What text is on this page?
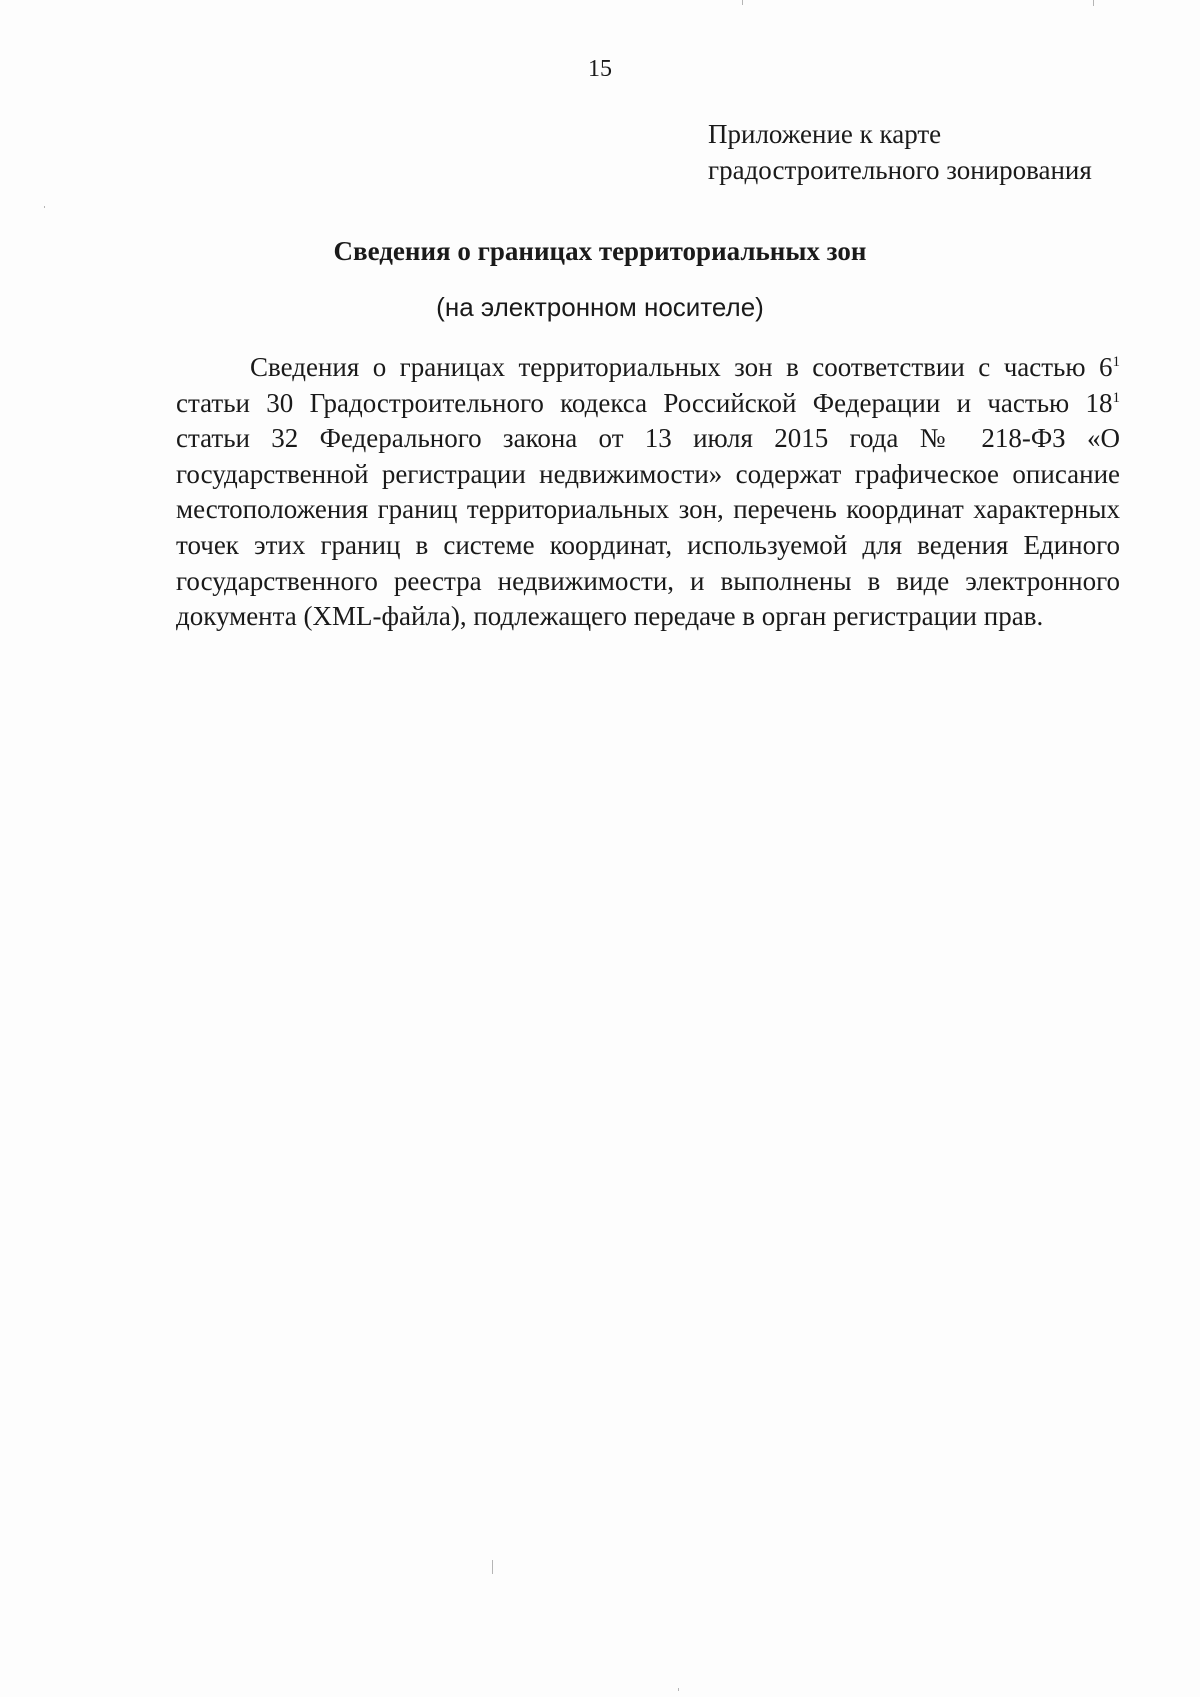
15
Приложение к карте
градостроительного зонирования
Сведения о границах территориальных зон
(на электронном носителе)

Сведения о границах территориальных зон в соответствии с частью $6^1$ статьи 30 Градостроительного кодекса Российской Федерации и частью $18^1$ статьи 32 Федерального закона от 13 июля 2015 года № 218-ФЗ «О государственной регистрации недвижимости» содержат графическое описание местоположения границ территориальных зон, перечень координат характерных точек этих границ в системе координат, используемой для ведения Единого государственного реестра недвижимости, и выполнены в виде электронного документа (XML-файла), подлежащего передаче в орган регистрации прав.
